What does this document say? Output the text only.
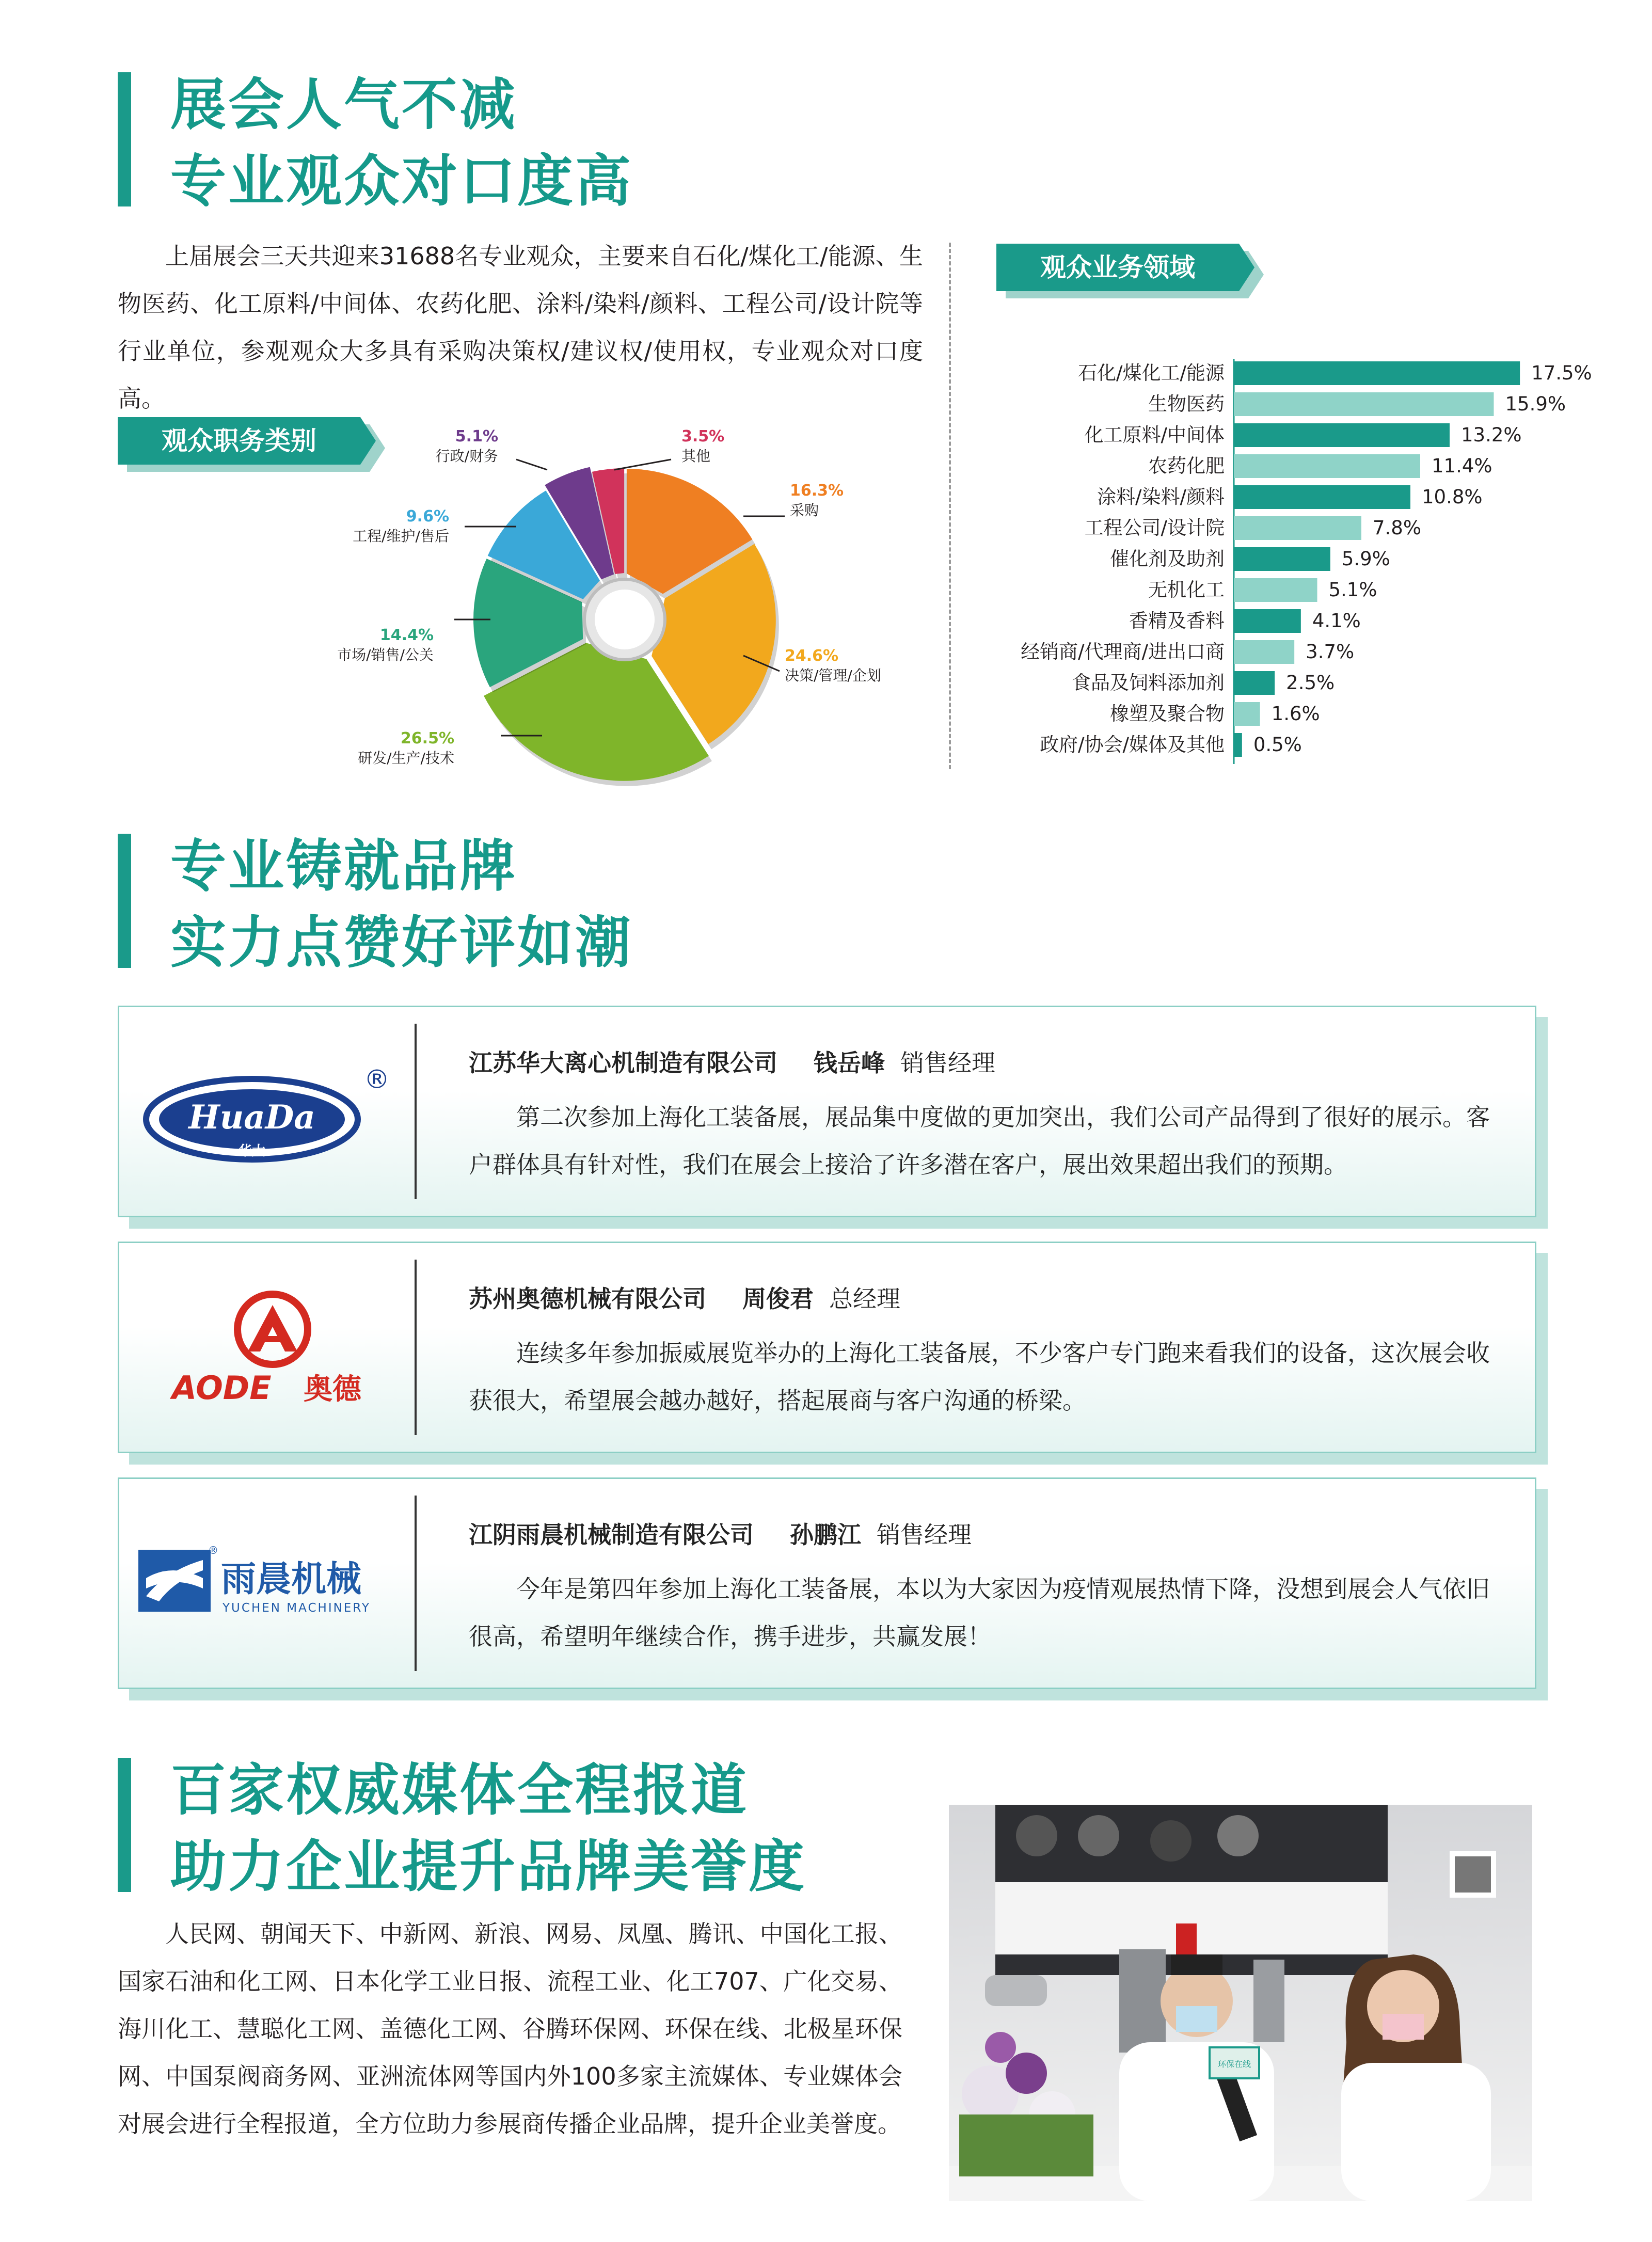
展会人气不减
专业观众对口度高
上届展会三天共迎来31688名专业观众，主要来自石化/煤化工/能源、生物医药、化工原料/中间体、农药化肥、涂料/染料/颜料、工程公司/设计院等行业单位，参观观众大多具有采购决策权/建议权/使用权，专业观众对口度高。
观众职务类别
观众业务领域
16.3%
采购
24.6%
决策/管理/企划
26.5%
研发/生产/技术
14.4%
市场/销售/公关
9.6%
工程/维护/售后
5.1%
行政/财务
3.5%
其他
石化/煤化工/能源	17.5%
生物医药	15.9%
化工原料/中间体	13.2%
农药化肥	11.4%
涂料/染料/颜料	10.8%
工程公司/设计院	7.8%
催化剂及助剂	5.9%
无机化工	5.1%
香精及香料	4.1%
经销商/代理商/进出口商	3.7%
食品及饲料添加剂	2.5%
橡塑及聚合物 1.6%
政府/协会/媒体及其他 0.5%
专业铸就品牌
实力点赞好评如潮
HuaDa
华大
®
江苏华大离心机制造有限公司 钱岳峰 销售经理
第二次参加上海化工装备展，展品集中度做的更加突出，我们公司产品得到了很好的展示。客户群体具有针对性，我们在展会上接洽了许多潜在客户，展出效果超出我们的预期。
AODE 奥德
苏州奥德机械有限公司 周俊君 总经理
连续多年参加振威展览举办的上海化工装备展，不少客户专门跑来看我们的设备，这次展会收获很大，希望展会越办越好，搭起展商与客户沟通的桥梁。
®
雨晨机械
YUCHEN MACHINERY
江阴雨晨机械制造有限公司 孙鹏江 销售经理
今年是第四年参加上海化工装备展，本以为大家因为疫情观展热情下降，没想到展会人气依旧很高，希望明年继续合作，携手进步，共赢发展！
百家权威媒体全程报道
助力企业提升品牌美誉度
人民网、朝闻天下、中新网、新浪、网易、凤凰、腾讯、中国化工报、国家石油和化工网、日本化学工业日报、流程工业、化工707、广化交易、海川化工、慧聪化工网、盖德化工网、谷腾环保网、环保在线、北极星环保网、中国泵阀商务网、亚洲流体网等国内外100多家主流媒体、专业媒体会对展会进行全程报道，全方位助力参展商传播企业品牌，提升企业美誉度。
环保在线
